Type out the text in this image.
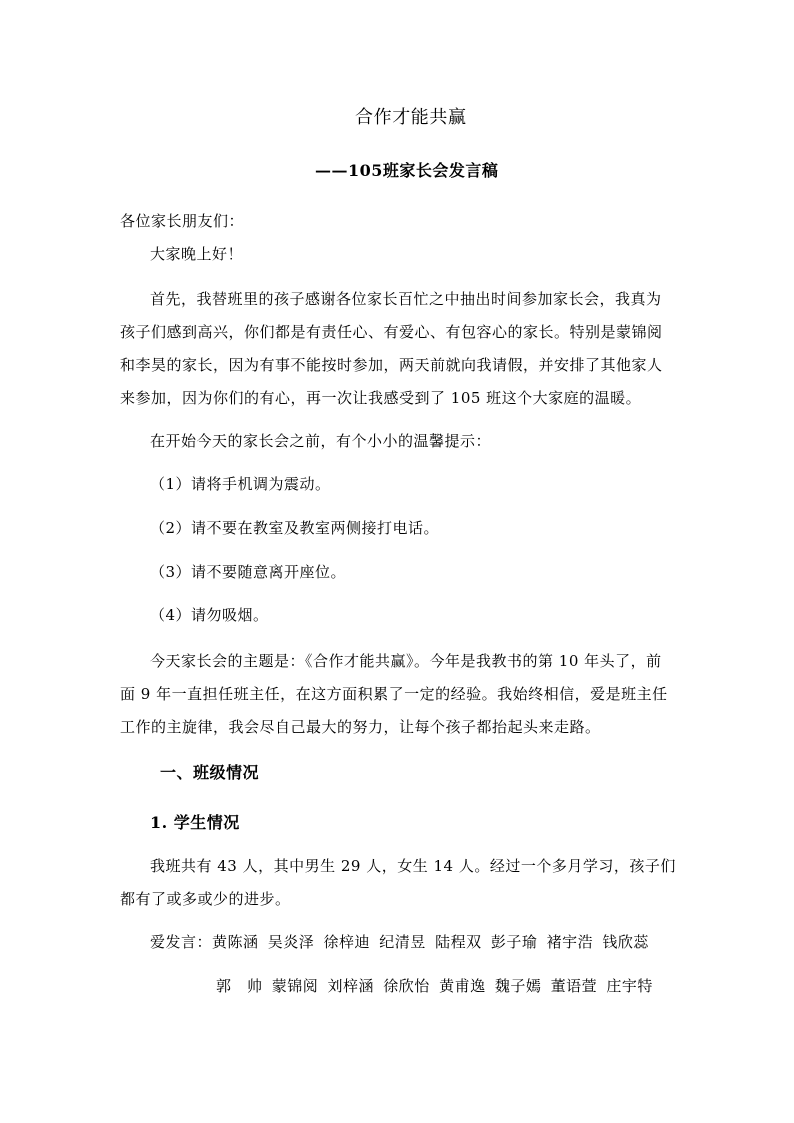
合作才能共赢
——105班家长会发言稿
各位家长朋友们：
大家晚上好！
首先，我替班里的孩子感谢各位家长百忙之中抽出时间参加家长会，我真为
孩子们感到高兴，你们都是有责任心、有爱心、有包容心的家长。特别是蒙锦阅
和李昊的家长，因为有事不能按时参加，两天前就向我请假，并安排了其他家人
来参加，因为你们的有心，再一次让我感受到了 105 班这个大家庭的温暖。
在开始今天的家长会之前，有个小小的温馨提示：
（1）请将手机调为震动。
（2）请不要在教室及教室两侧接打电话。
（3）请不要随意离开座位。
（4）请勿吸烟。
今天家长会的主题是：《合作才能共赢》。今年是我教书的第 10 年头了，前
面 9 年一直担任班主任，在这方面积累了一定的经验。我始终相信，爱是班主任
工作的主旋律，我会尽自己最大的努力，让每个孩子都抬起头来走路。
一、班级情况
1. 学生情况
我班共有 43 人，其中男生 29 人，女生 14 人。经过一个多月学习，孩子们
都有了或多或少的进步。
爱发言：黄陈涵 吴炎泽 徐梓迪 纪清昱 陆程双 彭子瑜 褚宇浩 钱欣蕊
郭　帅 蒙锦阅 刘梓涵 徐欣怡 黄甫逸 魏子嫣 董语萱 庄宇特
